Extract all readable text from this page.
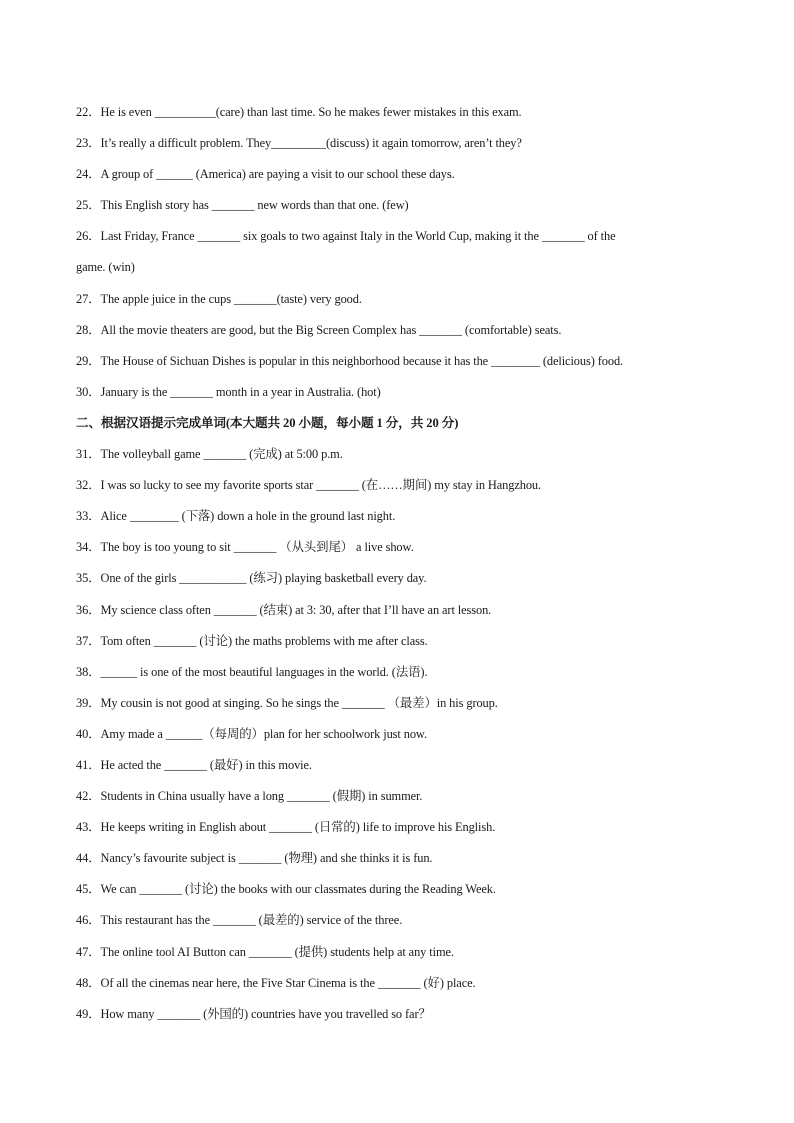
22．He is even __________(care) than last time. So he makes fewer mistakes in this exam.
23．It’s really a difficult problem. They_________(discuss) it again tomorrow, aren’t they?
24．A group of ______ (America) are paying a visit to our school these days.
25．This English story has _______ new words than that one. (few)
26．Last Friday, France _______ six goals to two against Italy in the World Cup, making it the _______ of the
game. (win)
27．The apple juice in the cups _______(taste) very good.
28．All the movie theaters are good, but the Big Screen Complex has _______ (comfortable) seats.
29．The House of Sichuan Dishes is popular in this neighborhood because it has the ________ (delicious) food.
30．January is the _______ month in a year in Australia. (hot)
二、根据汉语提示完成单词(本大题共 20 小题，每小题 1 分，共 20 分)
31．The volleyball game _______ (完成) at 5:00 p.m.
32．I was so lucky to see my favorite sports star _______ (在……期间) my stay in Hangzhou.
33．Alice ________ (下落) down a hole in the ground last night.
34．The boy is too young to sit _______ （从头到尾） a live show.
35．One of the girls ___________ (练习) playing basketball every day.
36．My science class often _______ (结束) at 3: 30, after that I’ll have an art lesson.
37．Tom often _______ (讨论) the maths problems with me after class.
38．______ is one of the most beautiful languages in the world. (法语).
39．My cousin is not good at singing. So he sings the _______ （最差）in his group.
40．Amy made a ______（每周的）plan for her schoolwork just now.
41．He acted the _______ (最好) in this movie.
42．Students in China usually have a long _______ (假期) in summer.
43．He keeps writing in English about _______ (日常的) life to improve his English.
44．Nancy’s favourite subject is _______ (物理) and she thinks it is fun.
45．We can _______ (讨论) the books with our classmates during the Reading Week.
46．This restaurant has the _______ (最差的) service of the three.
47．The online tool AI Button can _______ (提供) students help at any time.
48．Of all the cinemas near here, the Five Star Cinema is the _______ (好) place.
49．How many _______ (外国的) countries have you travelled so far？
